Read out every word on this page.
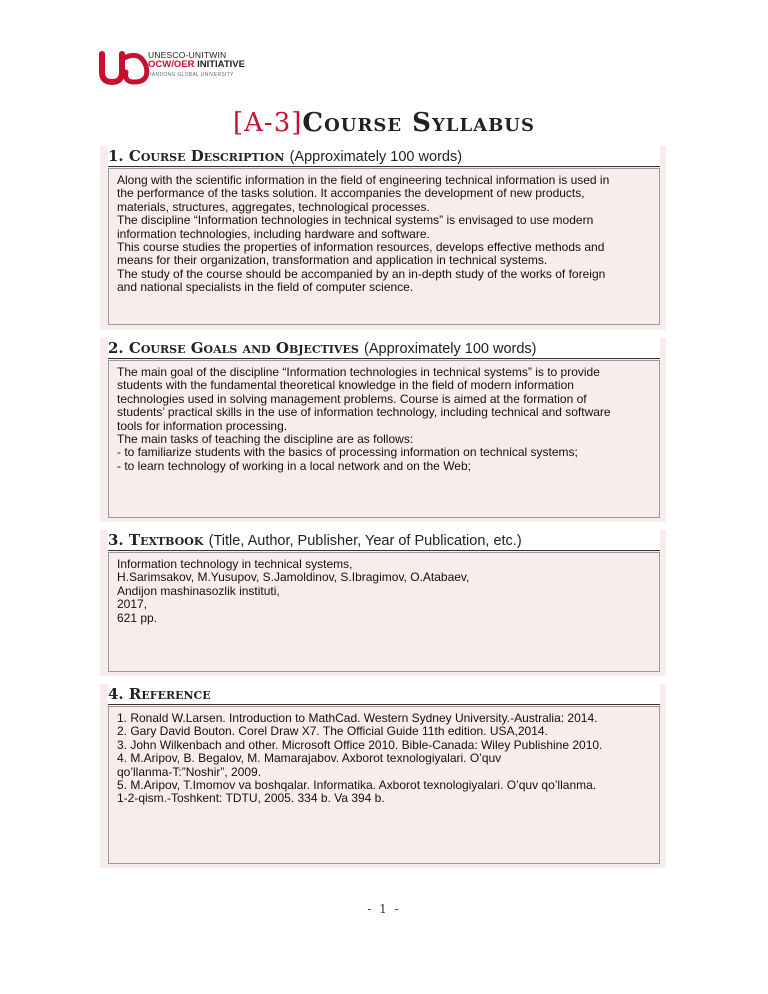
UNESCO-UNITWIN
OCW/OER INITIATIVE
HANDONG GLOBAL UNIVERSITY
[A-3]Course Syllabus
1. Course Description (Approximately 100 words)

Along with the scientific information in the field of engineering technical information is used in

the performance of the tasks solution. It accompanies the development of new products,

materials, structures, aggregates, technological processes.

The discipline “Information technologies in technical systems” is envisaged to use modern

information technologies, including hardware and software.

This course studies the properties of information resources, develops effective methods and

means for their organization, transformation and application in technical systems.

The study of the course should be accompanied by an in-depth study of the works of foreign

and national specialists in the field of computer science.

2. Course Goals and Objectives (Approximately 100 words)

The main goal of the discipline “Information technologies in technical systems” is to provide

students with the fundamental theoretical knowledge in the field of modern information

technologies used in solving management problems. Course is aimed at the formation of

students’ practical skills in the use of information technology, including technical and software

tools for information processing.

The main tasks of teaching the discipline are as follows:

- to familiarize students with the basics of processing information on technical systems;

- to learn technology of working in a local network and on the Web;

3. Textbook (Title, Author, Publisher, Year of Publication, etc.)

Information technology in technical systems,

H.Sarimsakov, M.Yusupov, S.Jamoldinov, S.Ibragimov, O.Atabaev,

Andijon mashinasozlik instituti,

2017,

621 pp.

4. Reference

1. Ronald W.Larsen. Introduction to MathCad. Western Sydney University.-Australia: 2014.

2. Gary David Bouton. Corel Draw X7. The Official Guide 11th edition. USA,2014.

3. John Wilkenbach and other. Microsoft Office 2010. Bible-Canada: Wiley Publishine 2010.

4. M.Aripov, B. Begalov, M. Mamarajabov. Axborot texnologiyalari. O’quv

qo’llanma-T:”Noshir”, 2009.

5. M.Aripov, T.Imomov va boshqalar. Informatika. Axborot texnologiyalari. O’quv qo’llanma.

1-2-qism.-Toshkent: TDTU, 2005. 334 b. Va 394 b.

- 1 -
